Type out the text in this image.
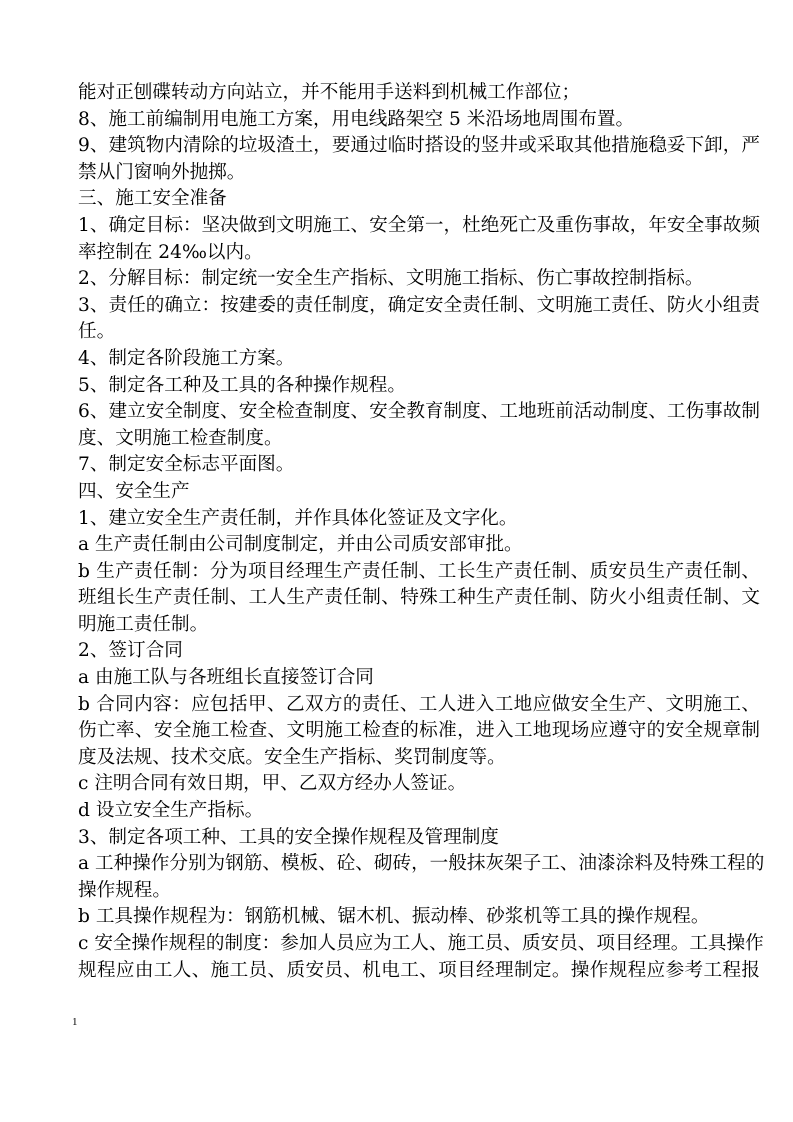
能对正刨碟转动方向站立，并不能用手送料到机械工作部位；
8、施工前编制用电施工方案，用电线路架空 5 米沿场地周围布置。
9、建筑物内清除的垃圾渣土，要通过临时搭设的竖井或采取其他措施稳妥下卸，严
禁从门窗响外抛掷。
三、施工安全准备
1、确定目标：坚决做到文明施工、安全第一，杜绝死亡及重伤事故，年安全事故频
率控制在 24‰以内。
2、分解目标：制定统一安全生产指标、文明施工指标、伤亡事故控制指标。
3、责任的确立：按建委的责任制度，确定安全责任制、文明施工责任、防火小组责
任。
4、制定各阶段施工方案。
5、制定各工种及工具的各种操作规程。
6、建立安全制度、安全检查制度、安全教育制度、工地班前活动制度、工伤事故制
度、文明施工检查制度。
7、制定安全标志平面图。
四、安全生产
1、建立安全生产责任制，并作具体化签证及文字化。
a 生产责任制由公司制度制定，并由公司质安部审批。
b 生产责任制：分为项目经理生产责任制、工长生产责任制、质安员生产责任制、
班组长生产责任制、工人生产责任制、特殊工种生产责任制、防火小组责任制、文
明施工责任制。
2、签订合同
a 由施工队与各班组长直接签订合同
b 合同内容：应包括甲、乙双方的责任、工人进入工地应做安全生产、文明施工、
伤亡率、安全施工检查、文明施工检查的标准，进入工地现场应遵守的安全规章制
度及法规、技术交底。安全生产指标、奖罚制度等。
c 注明合同有效日期，甲、乙双方经办人签证。
d 设立安全生产指标。
3、制定各项工种、工具的安全操作规程及管理制度
a 工种操作分别为钢筋、模板、砼、砌砖，一般抹灰架子工、油漆涂料及特殊工程的
操作规程。
b 工具操作规程为：钢筋机械、锯木机、振动棒、砂浆机等工具的操作规程。
c 安全操作规程的制度：参加人员应为工人、施工员、质安员、项目经理。工具操作
规程应由工人、施工员、质安员、机电工、项目经理制定。操作规程应参考工程报
1
